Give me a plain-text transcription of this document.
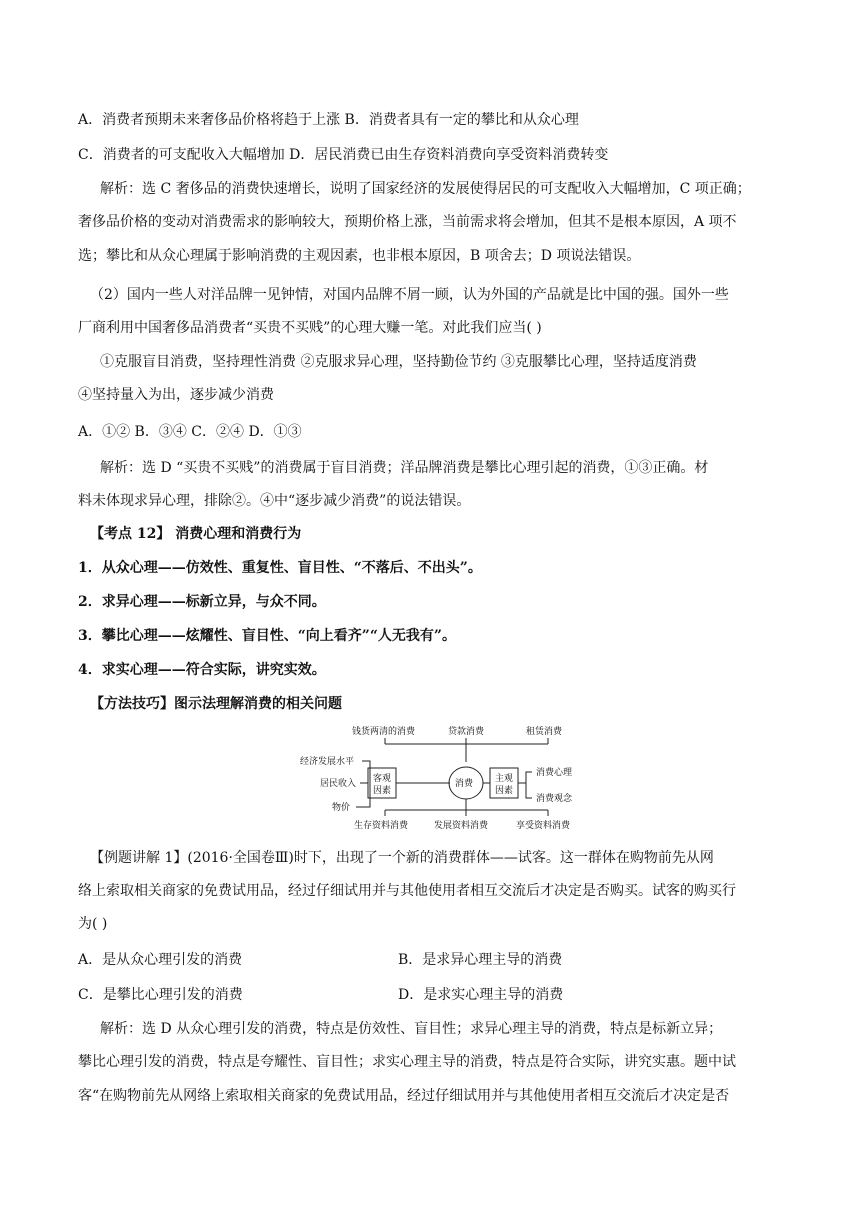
A．消费者预期未来奢侈品价格将趋于上涨 B．消费者具有一定的攀比和从众心理
C．消费者的可支配收入大幅增加 D．居民消费已由生存资料消费向享受资料消费转变
解析：选 C 奢侈品的消费快速增长，说明了国家经济的发展使得居民的可支配收入大幅增加，C 项正确；
奢侈品价格的变动对消费需求的影响较大，预期价格上涨，当前需求将会增加，但其不是根本原因，A 项不
选；攀比和从众心理属于影响消费的主观因素，也非根本原因，B 项舍去；D 项说法错误。
（2）国内一些人对洋品牌一见钟情，对国内品牌不屑一顾，认为外国的产品就是比中国的强。国外一些
厂商利用中国奢侈品消费者“买贵不买贱”的心理大赚一笔。对此我们应当( )
①克服盲目消费，坚持理性消费 ②克服求异心理，坚持勤俭节约 ③克服攀比心理，坚持适度消费
④坚持量入为出，逐步减少消费
A．①② B．③④ C．②④ D．①③
解析：选 D “买贵不买贱”的消费属于盲目消费；洋品牌消费是攀比心理引起的消费，①③正确。材
料未体现求异心理，排除②。④中“逐步减少消费”的说法错误。
【考点 12】 消费心理和消费行为
1．从众心理——仿效性、重复性、盲目性、“不落后、不出头”。
2．求异心理——标新立异，与众不同。
3．攀比心理——炫耀性、盲目性、“向上看齐”“人无我有”。
4．求实心理——符合实际，讲究实效。
【方法技巧】图示法理解消费的相关问题
钱货两清的消费	贷款消费	租赁消费
经济发展水平
居民收入
物价
客观
因素
消费 主观
因素
消费心理
消费观念
生存资料消费	发展资料消费	享受资料消费
【例题讲解 1】(2016·全国卷Ⅲ)时下，出现了一个新的消费群体——试客。这一群体在购物前先从网
络上索取相关商家的免费试用品，经过仔细试用并与其他使用者相互交流后才决定是否购买。试客的购买行
为( )
A．是从众心理引发的消费	B．是求异心理主导的消费
C．是攀比心理引发的消费	D．是求实心理主导的消费
解析：选 D 从众心理引发的消费，特点是仿效性、盲目性；求异心理主导的消费，特点是标新立异；
攀比心理引发的消费，特点是夸耀性、盲目性；求实心理主导的消费，特点是符合实际，讲究实惠。题中试
客“在购物前先从网络上索取相关商家的免费试用品，经过仔细试用并与其他使用者相互交流后才决定是否
